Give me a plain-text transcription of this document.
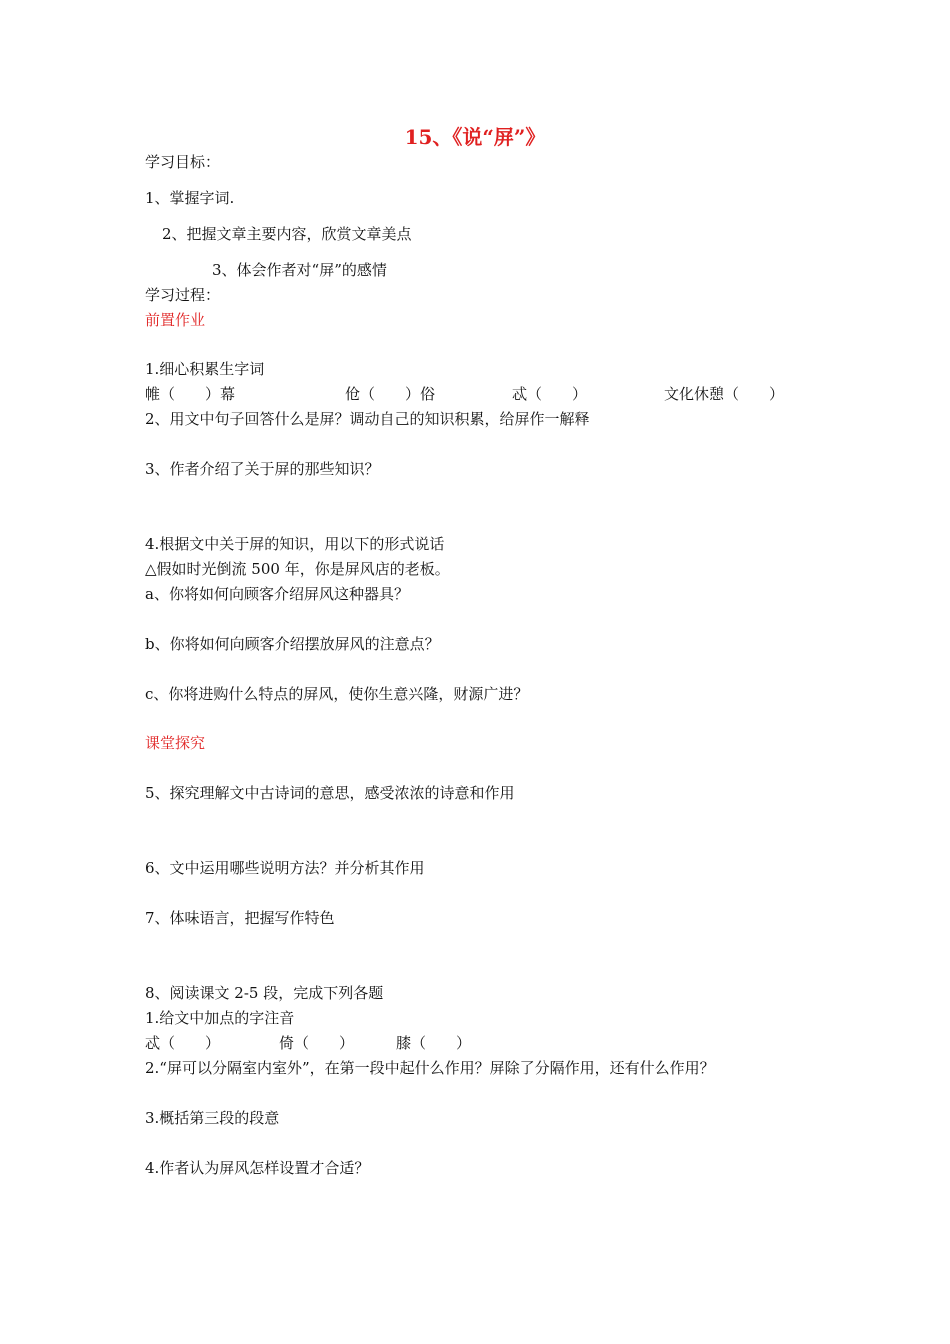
15、《说“屏”》
学习目标：
1、掌握字词.
2、把握文章主要内容，欣赏文章美点
3、体会作者对“屏”的感情
学习过程：
前置作业
1.细心积累生字词
帷（　　）幕	伧（　　）俗	忒（　　）	文化休憩（　　）
2、用文中句子回答什么是屏？调动自己的知识积累，给屏作一解释
3、作者介绍了关于屏的那些知识？
4.根据文中关于屏的知识，用以下的形式说话
△假如时光倒流 500 年，你是屏风店的老板。
a、你将如何向顾客介绍屏风这种器具？
b、你将如何向顾客介绍摆放屏风的注意点？
c、你将进购什么特点的屏风，使你生意兴隆，财源广进？
课堂探究
5、探究理解文中古诗词的意思，感受浓浓的诗意和作用
6、文中运用哪些说明方法？并分析其作用
7、体味语言，把握写作特色
8、阅读课文 2-5 段，完成下列各题
1.给文中加点的字注音
忒（　　）	倚（　　）	膝（　　）
2.“屏可以分隔室内室外”，在第一段中起什么作用？屏除了分隔作用，还有什么作用？
3.概括第三段的段意
4.作者认为屏风怎样设置才合适？
